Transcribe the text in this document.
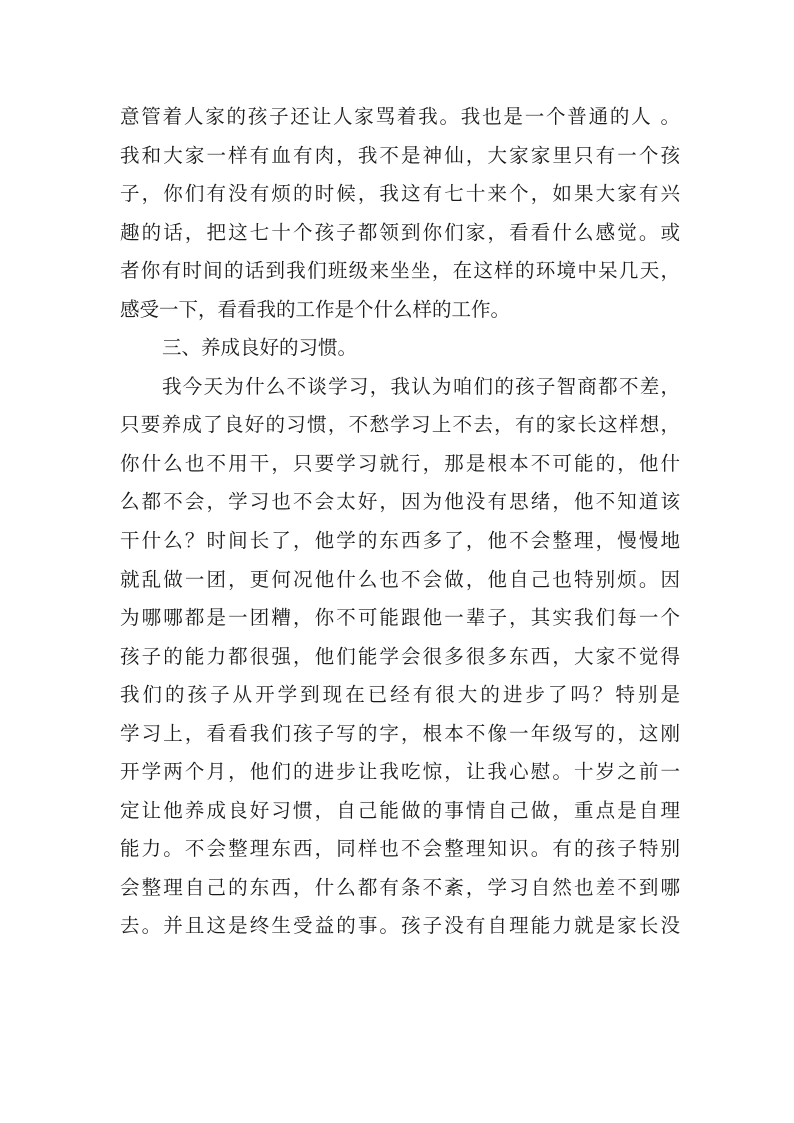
意管着人家的孩子还让人家骂着我。我也是一个普通的人 。
我和大家一样有血有肉，我不是神仙，大家家里只有一个孩
子，你们有没有烦的时候，我这有七十来个，如果大家有兴
趣的话，把这七十个孩子都领到你们家，看看什么感觉。或
者你有时间的话到我们班级来坐坐，在这样的环境中呆几天，
感受一下，看看我的工作是个什么样的工作。
三、养成良好的习惯。
我今天为什么不谈学习，我认为咱们的孩子智商都不差，
只要养成了良好的习惯，不愁学习上不去，有的家长这样想，
你什么也不用干，只要学习就行，那是根本不可能的，他什
么都不会，学习也不会太好，因为他没有思绪，他不知道该
干什么？时间长了，他学的东西多了，他不会整理，慢慢地
就乱做一团，更何况他什么也不会做，他自己也特别烦。因
为哪哪都是一团糟，你不可能跟他一辈子，其实我们每一个
孩子的能力都很强，他们能学会很多很多东西，大家不觉得
我们的孩子从开学到现在已经有很大的进步了吗？特别是
学习上，看看我们孩子写的字，根本不像一年级写的，这刚
开学两个月，他们的进步让我吃惊，让我心慰。十岁之前一
定让他养成良好习惯，自己能做的事情自己做，重点是自理
能力。不会整理东西，同样也不会整理知识。有的孩子特别
会整理自己的东西，什么都有条不紊，学习自然也差不到哪
去。并且这是终生受益的事。孩子没有自理能力就是家长没
